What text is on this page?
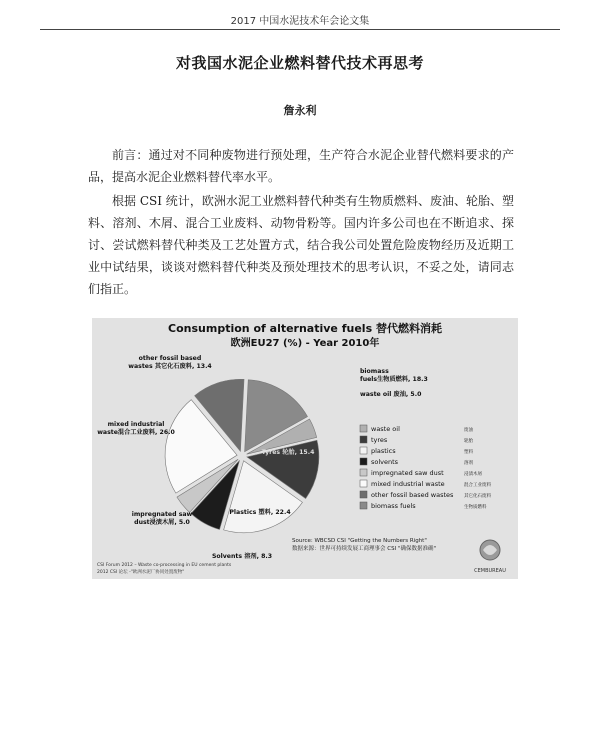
2017 中国水泥技术年会论文集
对我国水泥企业燃料替代技术再思考
詹永利

前言：通过对不同种废物进行预处理，生产符合水泥企业替代燃料要求的产品，提高水泥企业燃料替代率水平。

根据 CSI 统计，欧洲水泥工业燃料替代种类有生物质燃料、废油、轮胎、塑料、溶剂、木屑、混合工业废料、动物骨粉等。国内许多公司也在不断追求、探讨、尝试燃料替代种类及工艺处置方式，结合我公司处置危险废物经历及近期工业中试结果，谈谈对燃料替代种类及预处理技术的思考认识，不妥之处，请同志们指正。

Consumption of alternative fuels 替代燃料消耗
欧洲EU27 (%) - Year 2010年
biomass
fuels生物质燃料, 18.3
waste oil 废油, 5.0
Tyres 轮胎, 15.4
Plastics 塑料, 22.4
Solvents 溶剂, 8.3
impregnated saw
dust浸渍木屑, 5.0
mixed industrial
waste混合工业废料, 26.0
other fossil based
wastes 其它化石废料, 13.4
waste oil	废油
tyres	轮胎
plastics	塑料
solvents	溶剂
impregnated saw dust	浸渍木屑
mixed industrial waste	混合工业废料
other fossil based wastes 其它化石废料
biomass fuels	生物质燃料
Source: WBCSD CSI "Getting the Numbers Right"
数据来源：世界可持续发展工商理事会 CSI "确保数据准确"
CSI Forum 2012 – Waste co-processing in EU cement plants
2012 CSI 论坛 -"欧洲水泥厂协同处置废物"	CEMBUREAU
